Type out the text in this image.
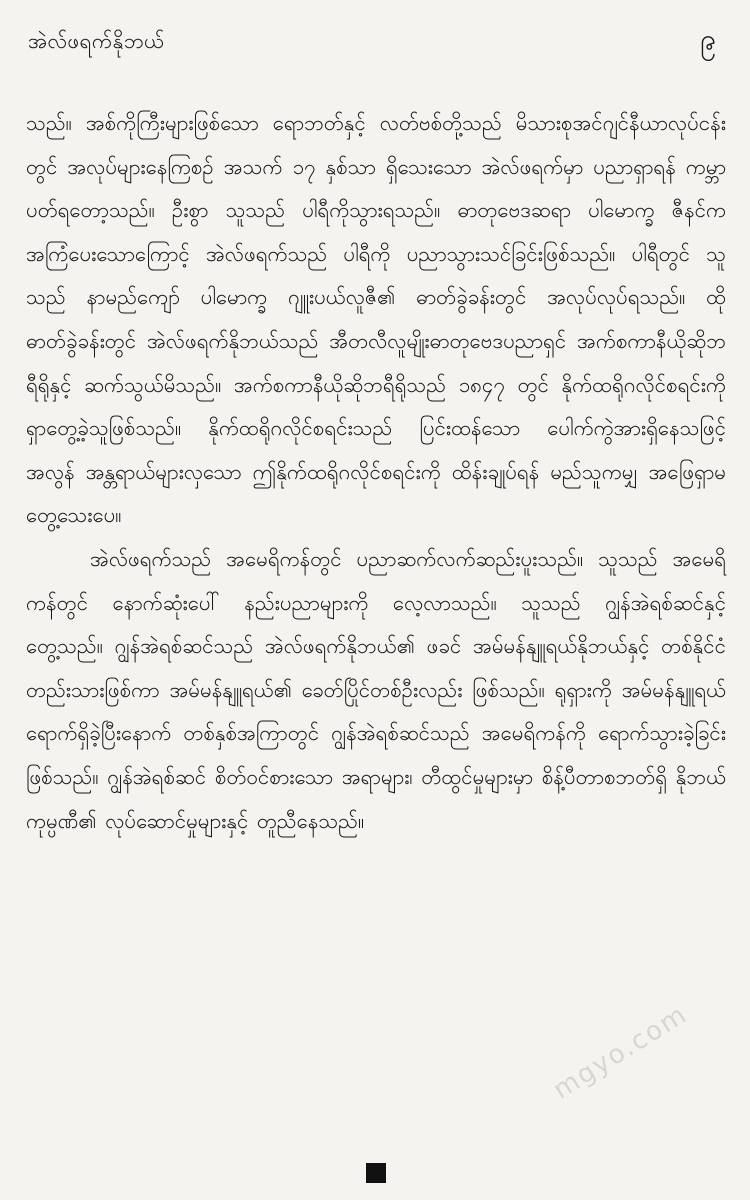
အဲလ်ဖရက်နိုဘယ်	၉

သည်။ အစ်ကိုကြီးများဖြစ်သော ရောဘတ်နှင့် လတ်ဗစ်တို့သည် မိသားစုအင်ဂျင်နီယာလုပ်ငန်းတွင် အလုပ်များနေကြစဉ် အသက် ၁၇ နှစ်သာ ရှိသေးသော အဲလ်ဖရက်မှာ ပညာရှာရန် ကမ္ဘာပတ်ရတော့သည်။ ဦးစွာ သူသည် ပါရီကိုသွားရသည်။ ဓာတုဗေဒဆရာ ပါမောက္ခ ဇီနင်က အကြံပေးသောကြောင့် အဲလ်ဖရက်သည် ပါရီကို ပညာသွားသင်ခြင်းဖြစ်သည်။ ပါရီတွင် သူသည် နာမည်ကျော် ပါမောက္ခ ဂျူးပယ်လူဇီ၏ ဓာတ်ခွဲခန်းတွင် အလုပ်လုပ်ရသည်။ ထိုဓာတ်ခွဲခန်းတွင် အဲလ်ဖရက်နိုဘယ်သည် အီတလီလူမျိုးဓာတုဗေဒပညာရှင် အက်စကာနီယိုဆိုဘရီရိုနှင့် ဆက်သွယ်မိသည်။ အက်စကာနီယိုဆိုဘရီရိုသည် ၁၈၄၇ တွင် နိုက်ထရိုဂလိုင်စရင်းကို ရှာတွေ့ခဲ့သူဖြစ်သည်။ နိုက်ထရိုဂလိုင်စရင်းသည် ပြင်းထန်သော ပေါက်ကွဲအားရှိနေသဖြင့် အလွန် အန္တရာယ်များလှသော ဤနိုက်ထရိုဂလိုင်စရင်းကို ထိန်းချုပ်ရန် မည်သူကမျှ အဖြေရှာမတွေ့သေးပေ။

အဲလ်ဖရက်သည် အမေရိကန်တွင် ပညာဆက်လက်ဆည်းပူးသည်။ သူသည် အမေရိကန်တွင် နောက်ဆုံးပေါ် နည်းပညာများကို လေ့လာသည်။ သူသည် ဂျွန်အဲရစ်ဆင်နှင့် တွေ့သည်။ ဂျွန်အဲရစ်ဆင်သည် အဲလ်ဖရက်နိုဘယ်၏ ဖခင် အမ်မန်နျူရယ်နိုဘယ်နှင့် တစ်နိုင်ငံတည်းသားဖြစ်ကာ အမ်မန်နျူရယ်၏ ခေတ်ပြိုင်တစ်ဦးလည်း ဖြစ်သည်။ ရုရှားကို အမ်မန်နျူရယ် ရောက်ရှိခဲ့ပြီးနောက် တစ်နှစ်အကြာတွင် ဂျွန်အဲရစ်ဆင်သည် အမေရိကန်ကို ရောက်သွားခဲ့ခြင်းဖြစ်သည်။ ဂျွန်အဲရစ်ဆင် စိတ်ဝင်စားသော အရာများ၊ တီထွင်မှုများမှာ စိန့်ပီတာစဘတ်ရှိ နိုဘယ်ကုမ္ပဏီ၏ လုပ်ဆောင်မှုများနှင့် တူညီနေသည်။

mgyo.com
